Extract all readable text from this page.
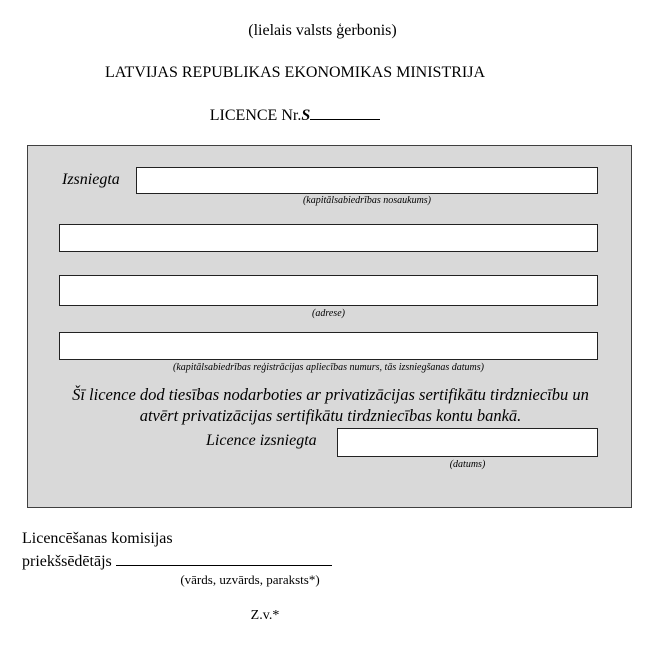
(lielais valsts ģerbonis)
LATVIJAS REPUBLIKAS EKONOMIKAS MINISTRIJA
LICENCE Nr.S
Izsniegta
(kapitālsabiedrības nosaukums)
(adrese)
(kapitālsabiedrības reģistrācijas apliecības numurs, tās izsniegšanas datums)
Šī licence dod tiesības nodarboties ar privatizācijas sertifikātu tirdzniecību un
atvērt privatizācijas sertifikātu tirdzniecības kontu bankā.
Licence izsniegta
(datums)
Licencēšanas komisijas
priekšsēdētājs
(vārds, uzvārds, paraksts*)
Z.v.*
